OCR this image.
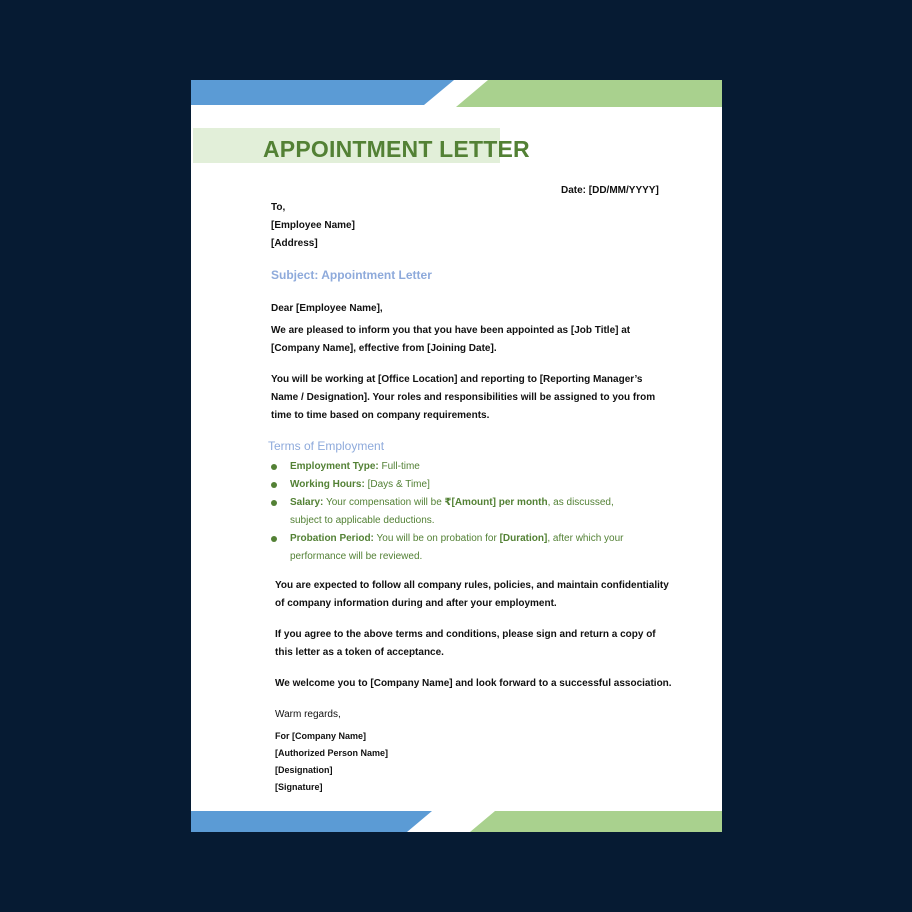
APPOINTMENT LETTER

Date: [DD/MM/YYYY]

To,

[Employee Name]

[Address]

Subject: Appointment Letter

Dear [Employee Name],

We are pleased to inform you that you have been appointed as [Job Title] at
[Company Name], effective from [Joining Date].
You will be working at [Office Location] and reporting to [Reporting Manager’s
Name / Designation]. Your roles and responsibilities will be assigned to you from
time to time based on company requirements.

Terms of Employment

Employment Type: Full-time
Working Hours: [Days & Time]
Salary: Your compensation will be ₹[Amount] per month, as discussed,
subject to applicable deductions.
Probation Period: You will be on probation for [Duration], after which your
performance will be reviewed.
You are expected to follow all company rules, policies, and maintain confidentiality
of company information during and after your employment.
If you agree to the above terms and conditions, please sign and return a copy of
this letter as a token of acceptance.
We welcome you to [Company Name] and look forward to a successful association.

Warm regards,

For [Company Name]
[Authorized Person Name]
[Designation]
[Signature]
